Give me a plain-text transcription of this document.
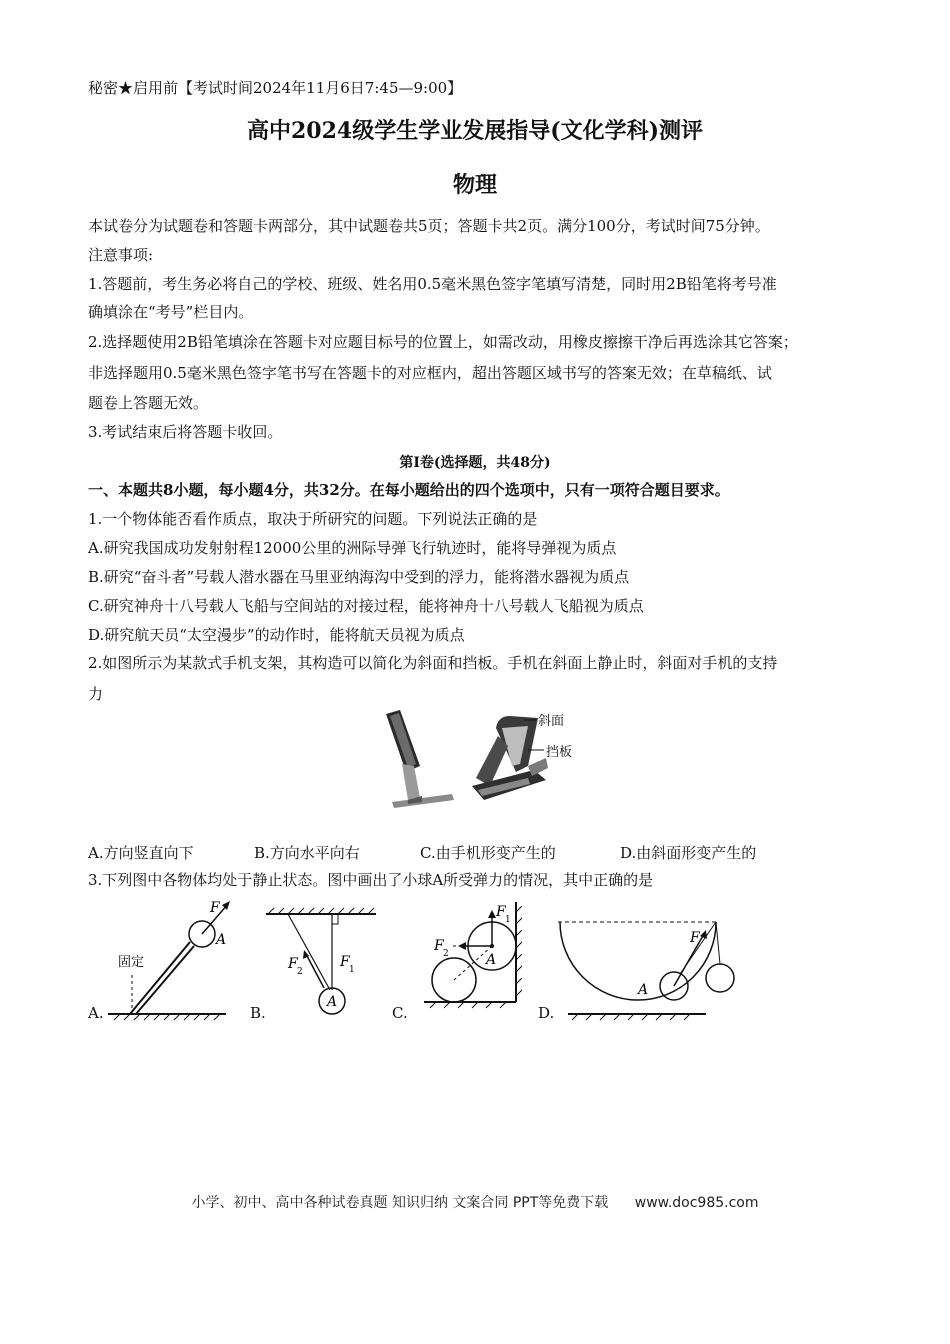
秘密★启用前【考试时间2024年11月6日7:45—9:00】
高中2024级学生学业发展指导(文化学科)测评
物理
本试卷分为试题卷和答题卡两部分，其中试题卷共5页；答题卡共2页。满分100分，考试时间75分钟。
注意事项:
1.答题前，考生务必将自己的学校、班级、姓名用0.5毫米黑色签字笔填写清楚，同时用2B铅笔将考号准
确填涂在“考号”栏目内。
2.选择题使用2B铅笔填涂在答题卡对应题目标号的位置上，如需改动，用橡皮擦擦干净后再选涂其它答案；
非选择题用0.5毫米黑色签字笔书写在答题卡的对应框内，超出答题区域书写的答案无效；在草稿纸、试
题卷上答题无效。
3.考试结束后将答题卡收回。
第I卷(选择题，共48分)
一、本题共8小题，每小题4分，共32分。在每小题给出的四个选项中，只有一项符合题目要求。
1.一个物体能否看作质点，取决于所研究的问题。下列说法正确的是
A.研究我国成功发射射程12000公里的洲际导弹飞行轨迹时，能将导弹视为质点
B.研究“奋斗者”号载人潜水器在马里亚纳海沟中受到的浮力，能将潜水器视为质点
C.研究神舟十八号载人飞船与空间站的对接过程，能将神舟十八号载人飞船视为质点
D.研究航天员“太空漫步”的动作时，能将航天员视为质点
2.如图所示为某款式手机支架，其构造可以简化为斜面和挡板。手机在斜面上静止时，斜面对手机的支持
力
斜面
挡板
A.方向竖直向下	B.方向水平向右	C.由手机形变产生的	D.由斜面形变产生的
3.下列图中各物体均处于静止状态。图中画出了小球A所受弹力的情况，其中正确的是
固定
A
F
A.
A
F 2
F 1
B.
A
F 1
F 2
C.
A
F
D.
小学、初中、高中各种试卷真题 知识归纳 文案合同 PPT等免费下载 www.doc985.com
